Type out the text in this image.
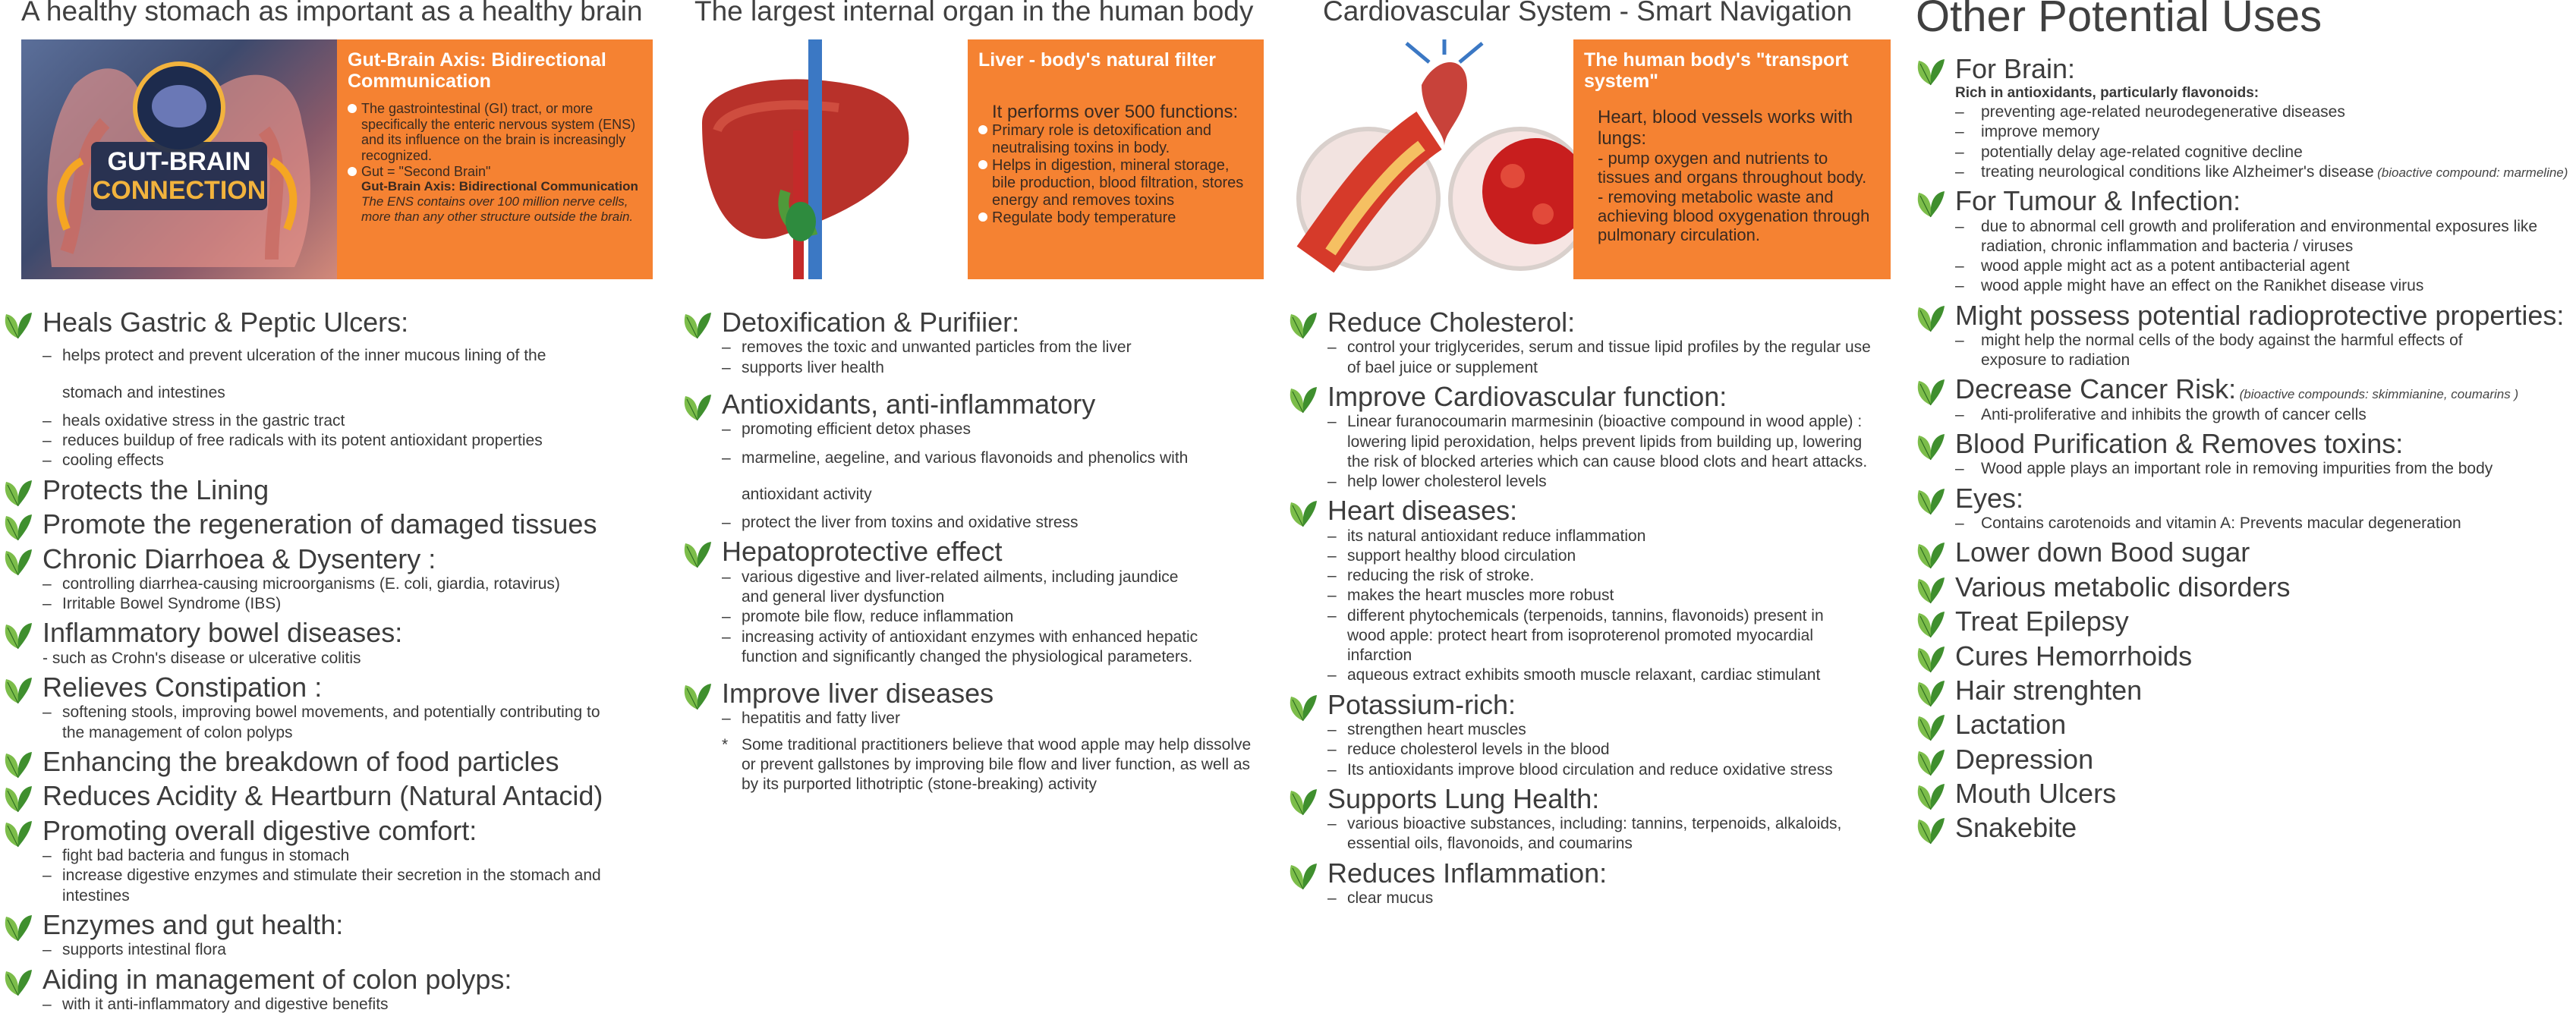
A healthy stomach as important as a healthy brain
GUT-BRAIN
CONNECTION
Gut-Brain Axis: Bidirectional Communication
The gastrointestinal (GI) tract, or more specifically the enteric nervous system (ENS) and its influence on the brain is increasingly recognized.
Gut = "Second Brain"
Gut-Brain Axis: Bidirectional Communication
The ENS contains over 100 million nerve cells, more than any other structure outside the brain.
Heals Gastric & Peptic Ulcers:
– helps protect and prevent ulceration of the inner mucous lining of the stomach and intestines
– heals oxidative stress in the gastric tract
– reduces buildup of free radicals with its potent antioxidant properties
– cooling effects
Protects the Lining
Promote the regeneration of damaged tissues
Chronic Diarrhoea & Dysentery :
– controlling diarrhea-causing microorganisms (E. coli, giardia, rotavirus)
– Irritable Bowel Syndrome (IBS)
Inflammatory bowel diseases:
- such as Crohn's disease or ulcerative colitis
Relieves Constipation :
– softening stools, improving bowel movements, and potentially contributing to the management of colon polyps
Enhancing the breakdown of food particles
Reduces Acidity & Heartburn (Natural Antacid)
Promoting overall digestive comfort:
– fight bad bacteria and fungus in stomach
– increase digestive enzymes and stimulate their secretion in the stomach and intestines
Enzymes and gut health:
– supports intestinal flora
Aiding in management of colon polyps:
– with it anti-inflammatory and digestive benefits
The largest internal organ in the human body
Liver - body's natural filter
It performs over 500 functions:
Primary role is detoxification and neutralising toxins in body.
Helps in digestion, mineral storage, bile production, blood filtration, stores energy and removes toxins
Regulate body temperature
Detoxification & Purifiier:
– removes the toxic and unwanted particles from the liver
– supports liver health
Antioxidants, anti-inflammatory
– promoting efficient detox phases
– marmeline, aegeline, and various flavonoids and phenolics with antioxidant activity
– protect the liver from toxins and oxidative stress
Hepatoprotective effect
– various digestive and liver-related ailments, including jaundice and general liver dysfunction
– promote bile flow, reduce inflammation
– increasing activity of antioxidant enzymes with enhanced hepatic function and significantly changed the physiological parameters.
Improve liver diseases
– hepatitis and fatty liver
* Some traditional practitioners believe that wood apple may help dissolve or prevent gallstones by improving bile flow and liver function, as well as by its purported lithotriptic (stone-breaking) activity
Cardiovascular System - Smart Navigation
The human body's "transport system"
Heart, blood vessels works with lungs:
- pump oxygen and nutrients to tissues and organs throughout body.
- removing metabolic waste and achieving blood oxygenation through pulmonary circulation.
Reduce Cholesterol:
– control your triglycerides, serum and tissue lipid profiles by the regular use of bael juice or supplement
Improve Cardiovascular function:
– Linear furanocoumarin marmesinin (bioactive compound in wood apple) : lowering lipid peroxidation, helps prevent lipids from building up, lowering the risk of blocked arteries which can cause blood clots and heart attacks.
– help lower cholesterol levels
Heart diseases:
– its natural antioxidant reduce inflammation
– support healthy blood circulation
– reducing the risk of stroke.
– makes the heart muscles more robust
– different phytochemicals (terpenoids, tannins, flavonoids) present in wood apple: protect heart from isoproterenol promoted myocardial infarction
– aqueous extract exhibits smooth muscle relaxant, cardiac stimulant
Potassium-rich:
– strengthen heart muscles
– reduce cholesterol levels in the blood
– Its antioxidants improve blood circulation and reduce oxidative stress
Supports Lung Health:
– various bioactive substances, including: tannins, terpenoids, alkaloids, essential oils, flavonoids, and coumarins
Reduces Inflammation:
– clear mucus
Other Potential Uses
For Brain:
Rich in antioxidants, particularly flavonoids:
– preventing age-related neurodegenerative diseases
– improve memory
– potentially delay age-related cognitive decline
– treating neurological conditions like Alzheimer's disease (bioactive compound: marmeline)
For Tumour & Infection:
– due to abnormal cell growth and proliferation and environmental exposures like radiation, chronic inflammation and bacteria / viruses
– wood apple might act as a potent antibacterial agent
– wood apple might have an effect on the Ranikhet disease virus
Might possess potential radioprotective properties:
– might help the normal cells of the body against the harmful effects of exposure to radiation
Decrease Cancer Risk: (bioactive compounds: skimmianine, coumarins )
– Anti-proliferative and inhibits the growth of cancer cells
Blood Purification & Removes toxins:
– Wood apple plays an important role in removing impurities from the body
Eyes:
– Contains carotenoids and vitamin A: Prevents macular degeneration
Lower down Bood sugar
Various metabolic disorders
Treat Epilepsy
Cures Hemorrhoids
Hair strenghten
Lactation
Depression
Mouth Ulcers
Snakebite
